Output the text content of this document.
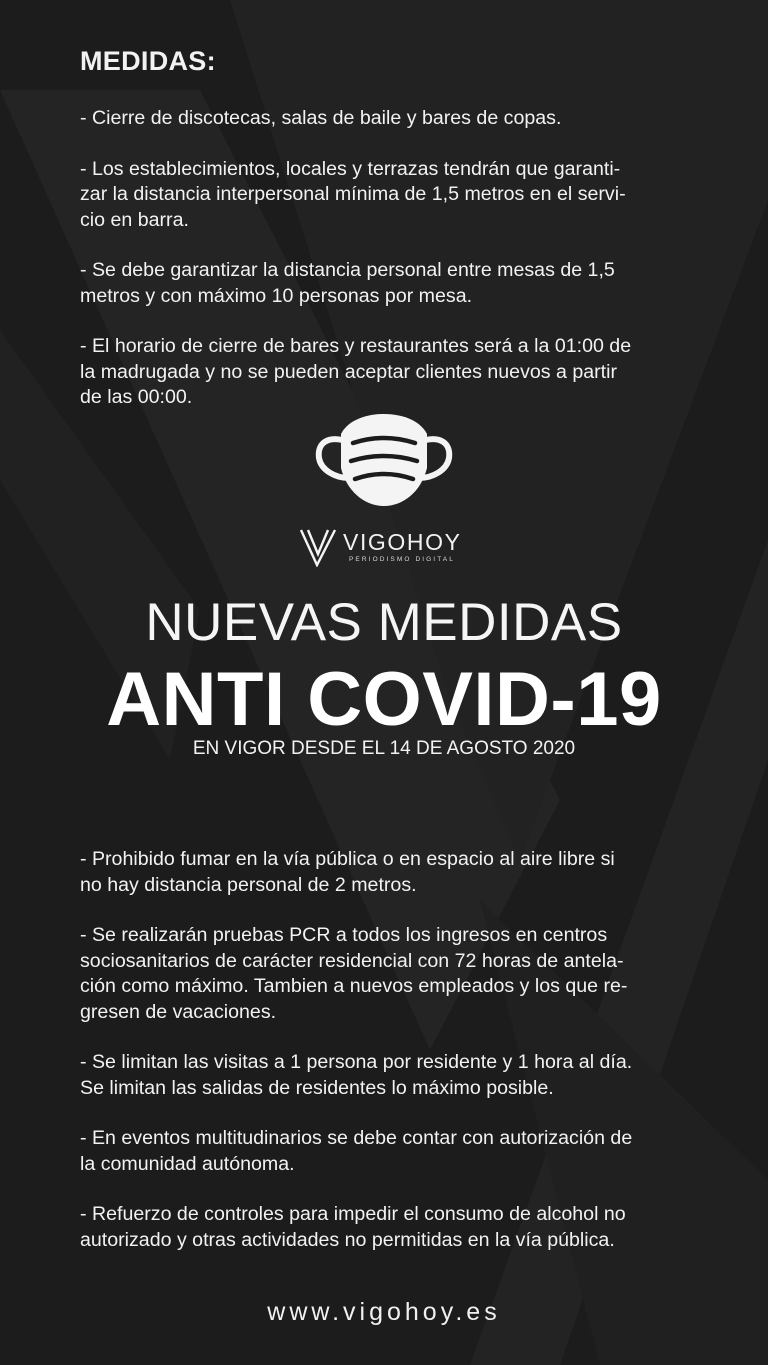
MEDIDAS:
- Cierre de discotecas, salas de baile y bares de copas.
- Los establecimientos, locales y terrazas tendrán que garanti-
zar la distancia interpersonal mínima de 1,5 metros en el servi-
cio en barra.
- Se debe garantizar la distancia personal entre mesas de 1,5
metros y con máximo 10 personas por mesa.
- El horario de cierre de bares y restaurantes será a la 01:00 de
la madrugada y no se pueden aceptar clientes nuevos a partir
de las 00:00.
VIGOHOY
PERIODISMO DIGITAL
NUEVAS MEDIDAS
ANTI COVID-19
EN VIGOR DESDE EL 14 DE AGOSTO 2020
- Prohibido fumar en la vía pública o en espacio al aire libre si
no hay distancia personal de 2 metros.
- Se realizarán pruebas PCR a todos los ingresos en centros
sociosanitarios de carácter residencial con 72 horas de antela-
ción como máximo. Tambien a nuevos empleados y los que re-
gresen de vacaciones.
- Se limitan las visitas a 1 persona por residente y 1 hora al día.
Se limitan las salidas de residentes lo máximo posible.
- En eventos multitudinarios se debe contar con autorización de
la comunidad autónoma.
- Refuerzo de controles para impedir el consumo de alcohol no
autorizado y otras actividades no permitidas en la vía pública.
www.vigohoy.es
